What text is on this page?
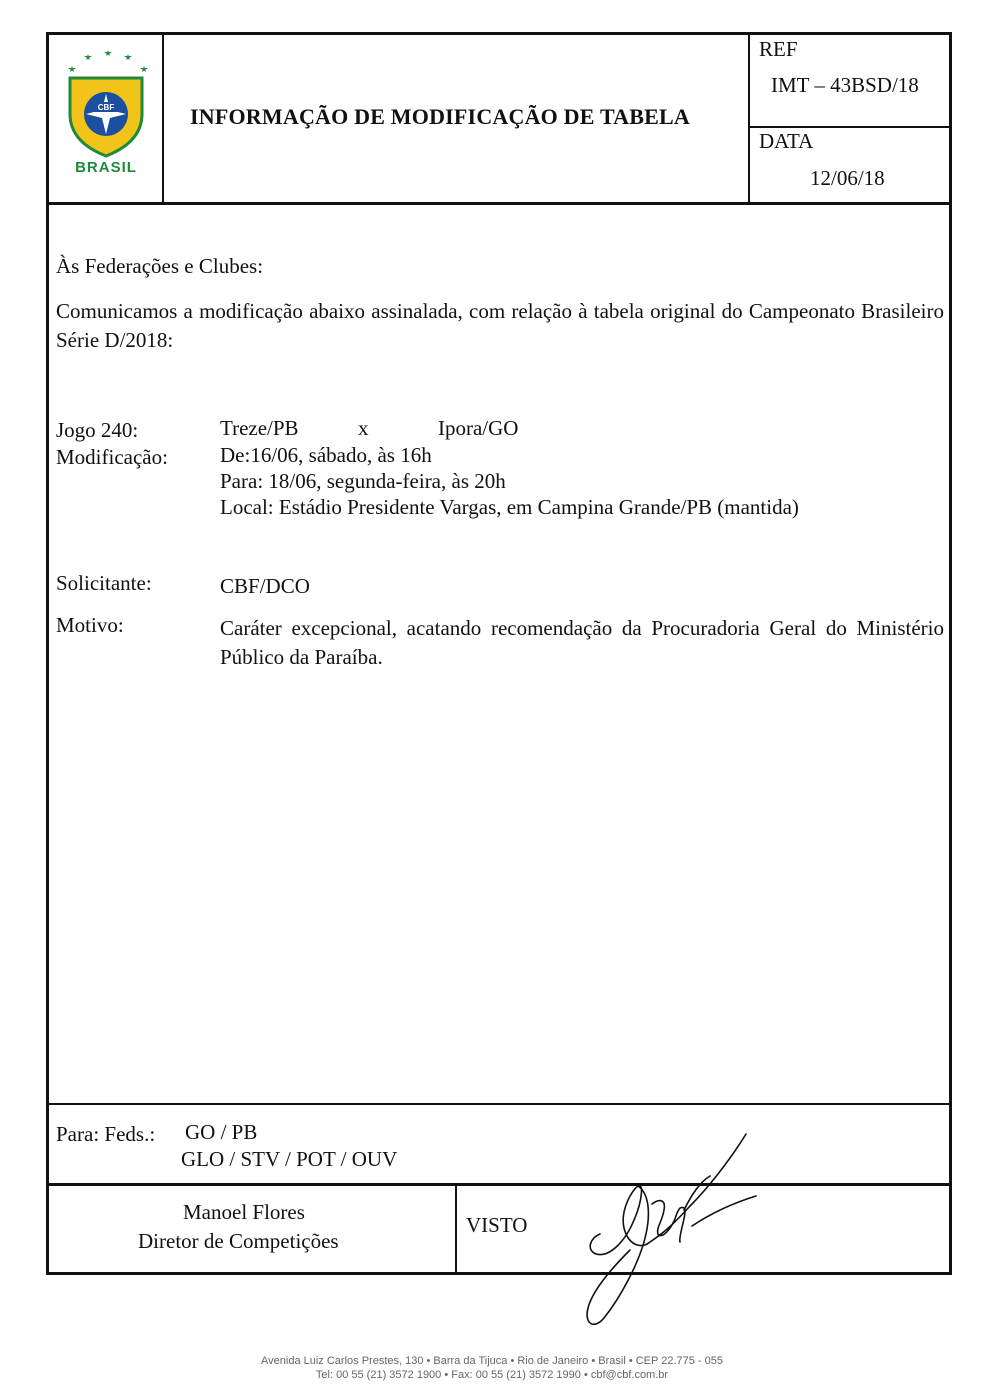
CBF
BRASIL
INFORMAÇÃO DE MODIFICAÇÃO DE TABELA
REF
IMT – 43BSD/18
DATA
12/06/18
Às Federações e Clubes:
Comunicamos a modificação abaixo assinalada, com relação à tabela original do Campeonato Brasileiro Série D/2018:
Jogo 240:	Treze/PB	x	Ipora/GO
Modificação: De:16/06, sábado, às 16h
Para: 18/06, segunda-feira, às 20h
Local: Estádio Presidente Vargas, em Campina Grande/PB (mantida)
Solicitante:	CBF/DCO
Motivo:	Caráter excepcional, acatando recomendação da Procuradoria Geral do Ministério Público da Paraíba.
Para: Feds.: GO / PB
GLO / STV / POT / OUV
Manoel Flores
Diretor de Competições
VISTO
Avenida Luiz Carlos Prestes, 130 • Barra da Tijuca • Rio de Janeiro • Brasil • CEP 22.775 - 055
Tel: 00 55 (21) 3572 1900 • Fax: 00 55 (21) 3572 1990 • cbf@cbf.com.br
